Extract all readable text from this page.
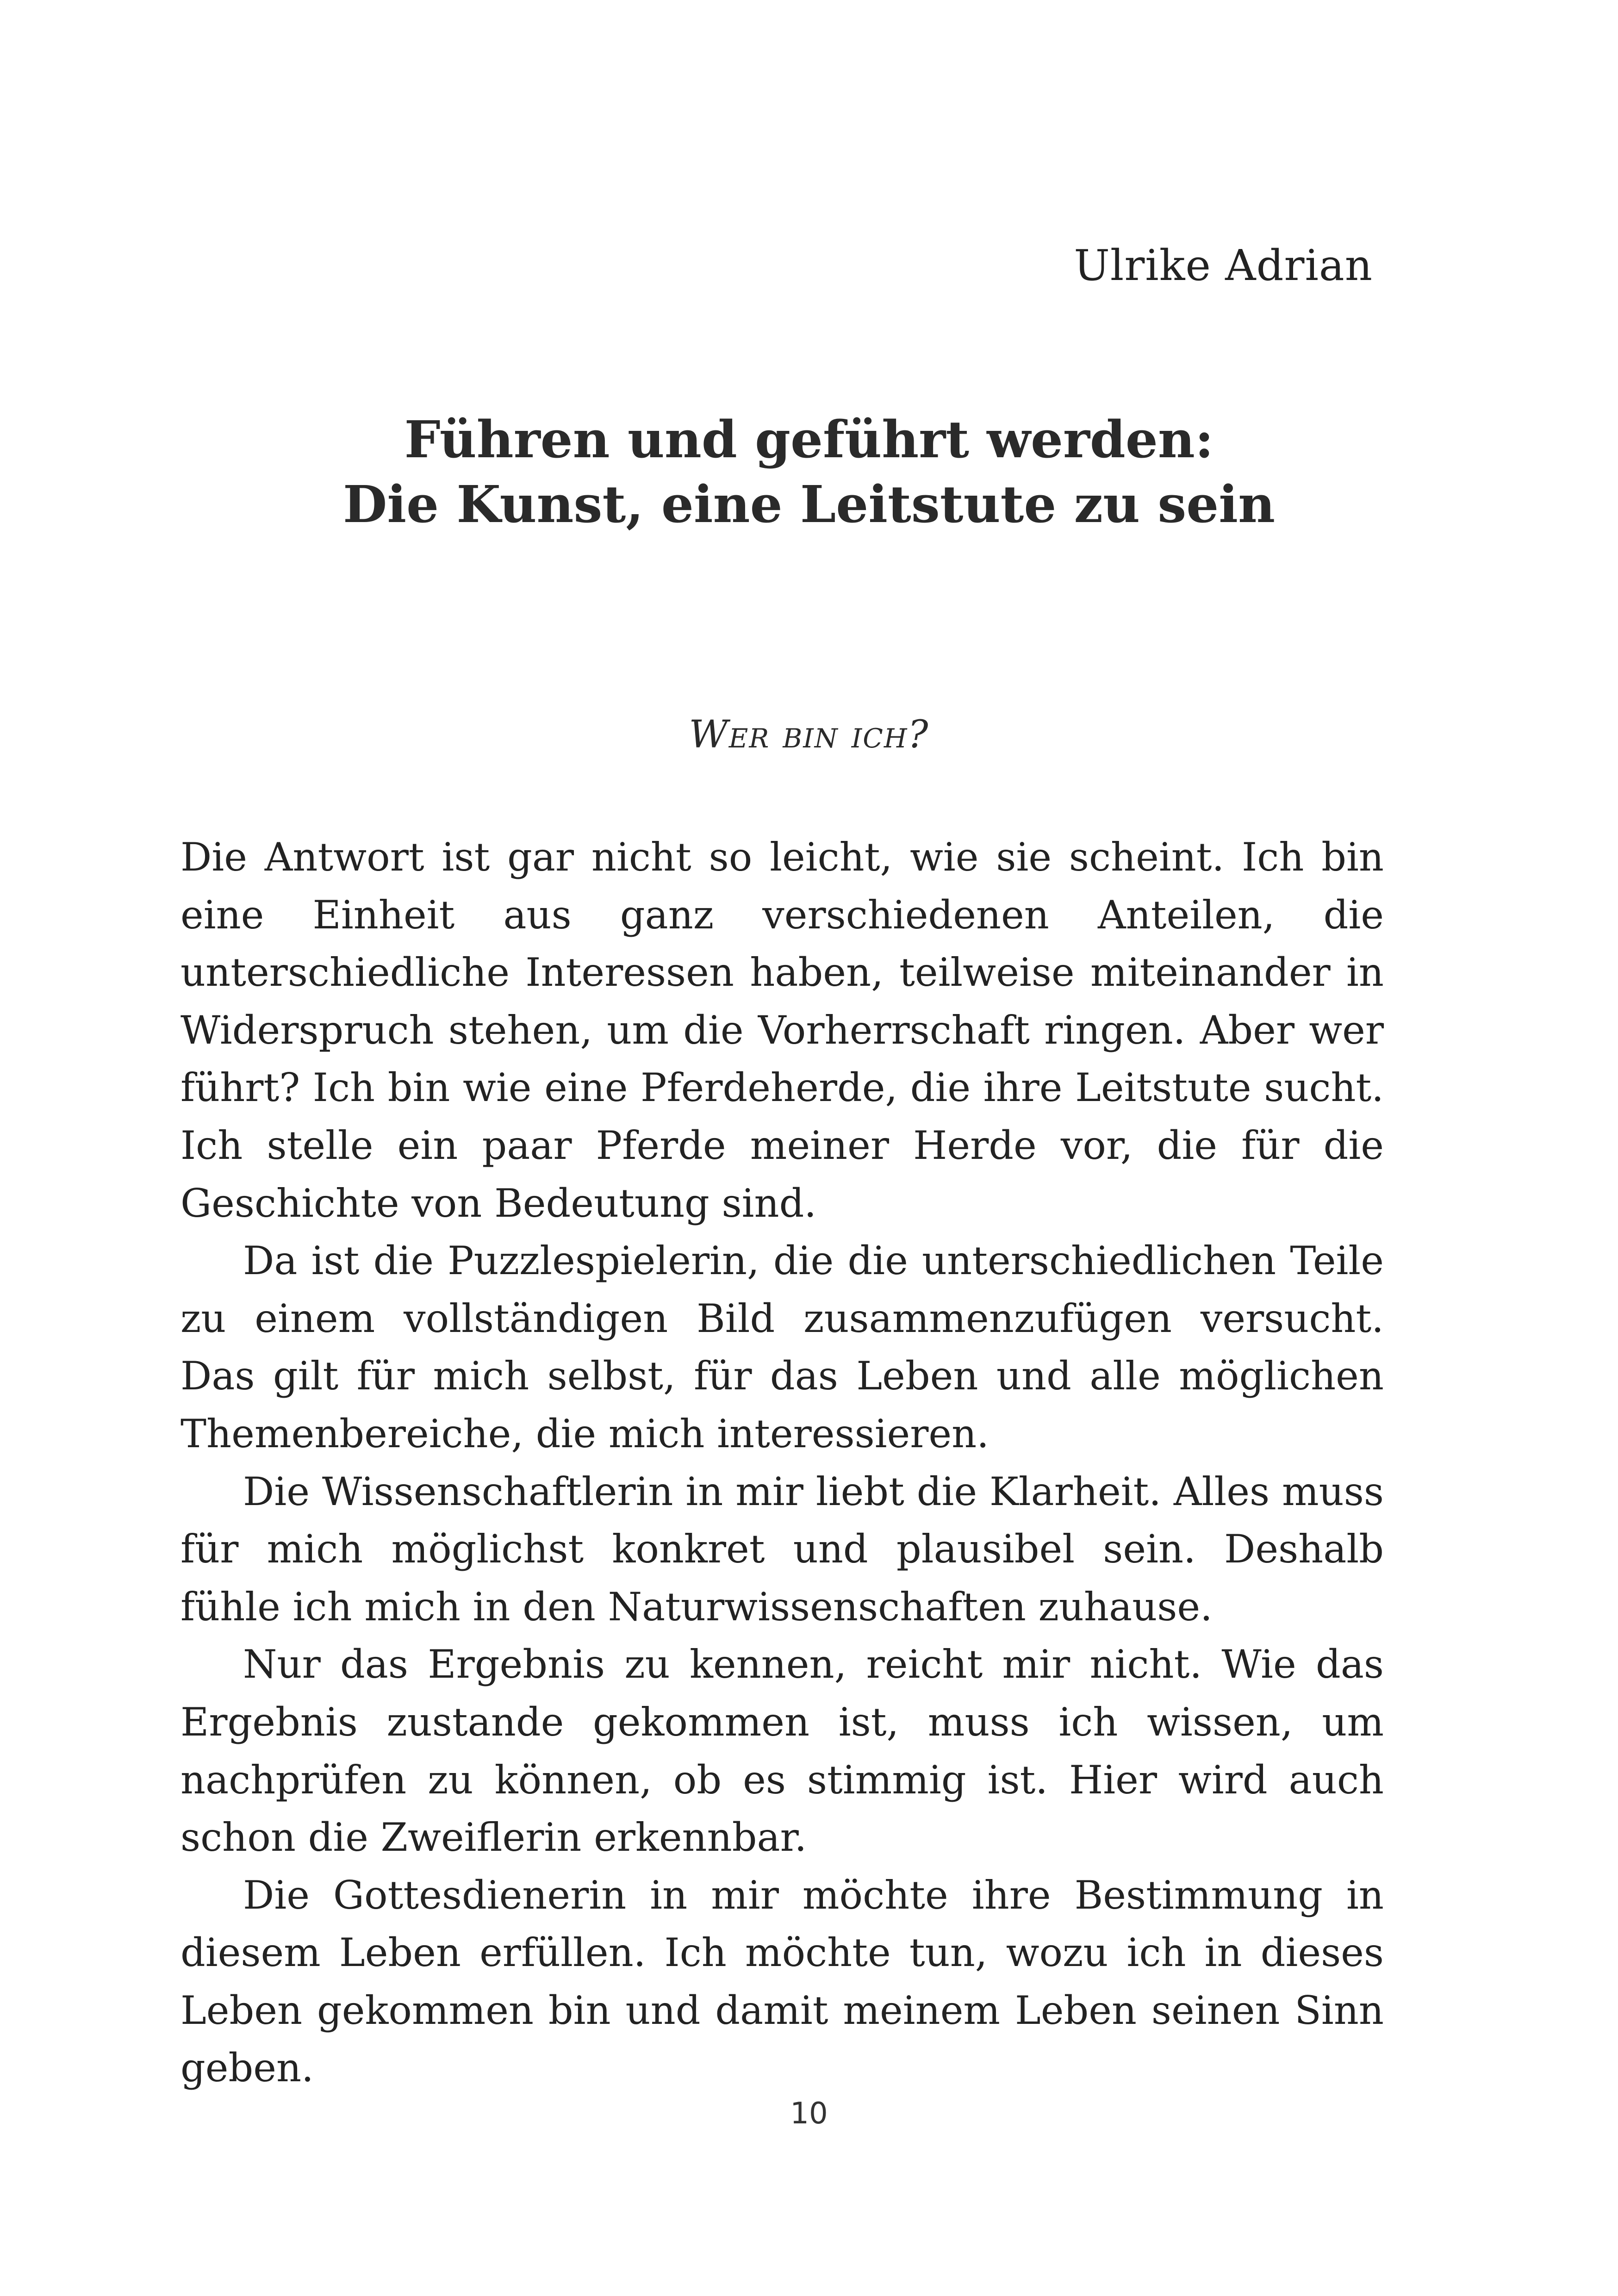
Ulrike Adrian
Führen und geführt werden:
Die Kunst, eine Leitstute zu sein
Wer bin ich?

Die Antwort ist gar nicht so leicht, wie sie scheint. Ich bin eine Einheit aus ganz verschiedenen Anteilen, die unterschiedliche Interessen haben, teilweise miteinander in Widerspruch stehen, um die Vorherrschaft ringen. Aber wer führt? Ich bin wie eine Pferdeherde, die ihre Leitstute sucht. Ich stelle ein paar Pferde meiner Herde vor, die für die Geschichte von Bedeutung sind.

Da ist die Puzzlespielerin, die die unterschiedlichen Teile zu einem vollständigen Bild zusammenzufügen versucht. Das gilt für mich selbst, für das Leben und alle möglichen Themenbereiche, die mich interessieren.

Die Wissenschaftlerin in mir liebt die Klarheit. Alles muss für mich möglichst konkret und plausibel sein. Deshalb fühle ich mich in den Naturwissenschaften zuhause.

Nur das Ergebnis zu kennen, reicht mir nicht. Wie das Ergebnis zustande gekommen ist, muss ich wissen, um nachprüfen zu können, ob es stimmig ist. Hier wird auch schon die Zweiflerin erkennbar.

Die Gottesdienerin in mir möchte ihre Bestimmung in diesem Leben erfüllen. Ich möchte tun, wozu ich in dieses Leben gekommen bin und damit meinem Leben seinen Sinn geben.

10
